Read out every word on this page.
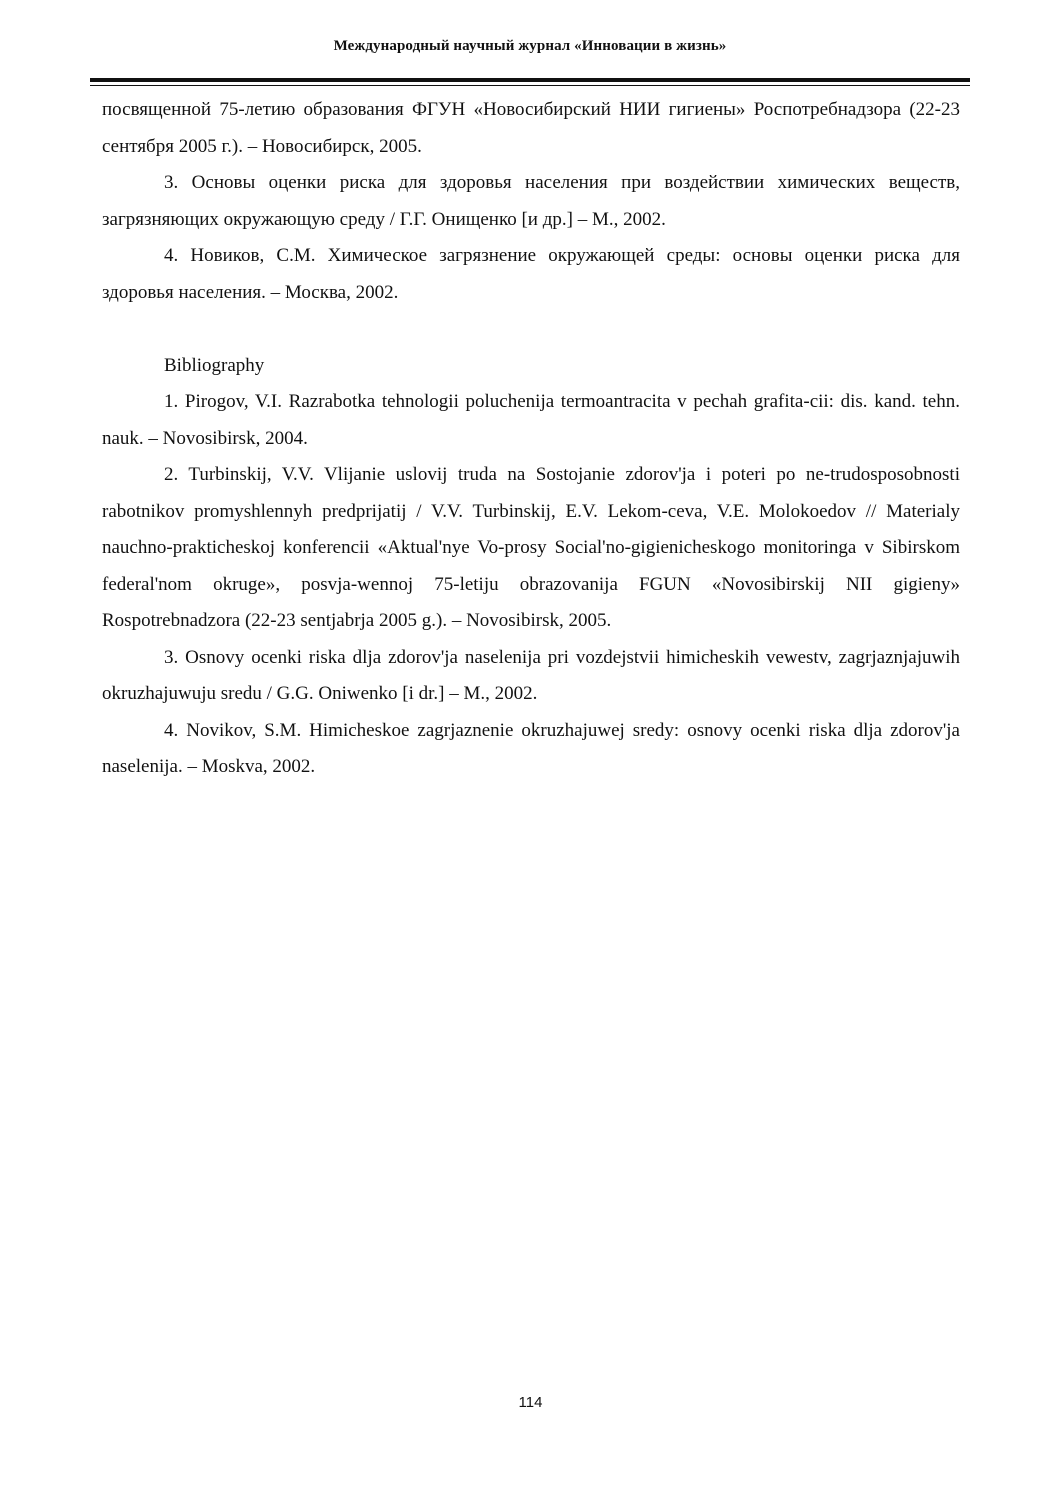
Международный научный журнал «Инновации в жизнь»

посвященной 75-летию образования ФГУН «Новосибирский НИИ гигиены» Роспотребнадзора (22-23 сентября 2005 г.). – Новосибирск, 2005.

3. Основы оценки риска для здоровья населения при воздействии химических веществ, загрязняющих окружающую среду / Г.Г. Онищенко [и др.] – М., 2002.

4. Новиков, С.М. Химическое загрязнение окружающей среды: основы оценки риска для здоровья населения. – Москва, 2002.

Bibliography

1. Pirogov, V.I. Razrabotka tehnologii poluchenija termoantracita v pechah grafita-cii: dis. kand. tehn. nauk. – Novosibirsk, 2004.

2. Turbinskij, V.V. Vlijanie uslovij truda na Sostojanie zdorov'ja i poteri po ne-trudosposobnosti rabotnikov promyshlennyh predprijatij / V.V. Turbinskij, E.V. Lekom-ceva, V.E. Molokoedov // Materialy nauchno-prakticheskoj konferencii «Aktual'nye Vo-prosy Social'no-gigienicheskogo monitoringa v Sibirskom federal'nom okruge», posvja-wennoj 75-letiju obrazovanija FGUN «Novosibirskij NII gigieny» Rospotrebnadzora (22-23 sentjabrja 2005 g.). – Novosibirsk, 2005.

3. Osnovy ocenki riska dlja zdorov'ja naselenija pri vozdejstvii himicheskih vewestv, zagrjaznjajuwih okruzhajuwuju sredu / G.G. Oniwenko [i dr.] – M., 2002.

4. Novikov, S.M. Himicheskoe zagrjaznenie okruzhajuwej sredy: osnovy ocenki riska dlja zdorov'ja naselenija. – Moskva, 2002.

114
